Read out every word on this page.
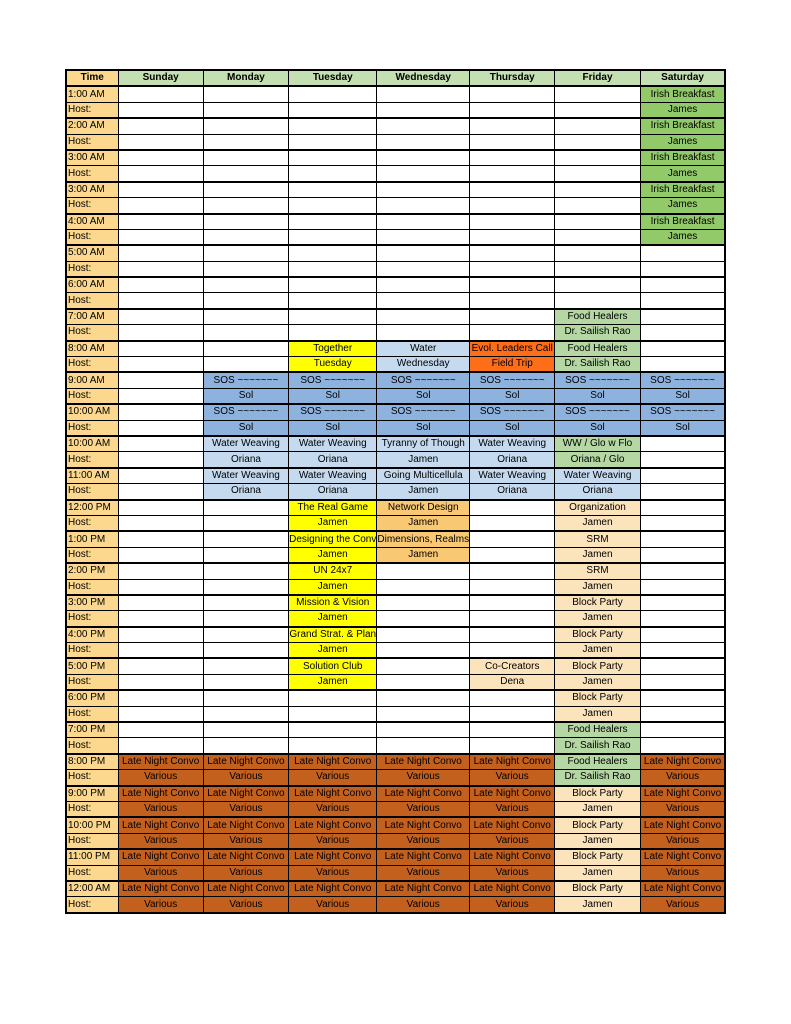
Time	Sunday	Monday	Tuesday	Wednesday	Thursday	Friday	Saturday
1:00 AM							Irish Breakfast
Host:							James
2:00 AM							Irish Breakfast
Host:							James
3:00 AM							Irish Breakfast
Host:							James
3:00 AM							Irish Breakfast
Host:							James
4:00 AM							Irish Breakfast
Host:							James
5:00 AM							
Host:							
6:00 AM							
Host:							
7:00 AM						Food Healers	
Host:						Dr. Sailish Rao	
8:00 AM			Together	Water	Evol. Leaders Call	Food Healers	
Host:			Tuesday	Wednesday	Field Trip	Dr. Sailish Rao	
9:00 AM		SOS ~~~~~~~	SOS ~~~~~~~	SOS ~~~~~~~	SOS ~~~~~~~	SOS ~~~~~~~	SOS ~~~~~~~
Host:		Sol	Sol	Sol	Sol	Sol	Sol
10:00 AM		SOS ~~~~~~~	SOS ~~~~~~~	SOS ~~~~~~~	SOS ~~~~~~~	SOS ~~~~~~~	SOS ~~~~~~~
Host:		Sol	Sol	Sol	Sol	Sol	Sol
10:00 AM		Water Weaving	Water Weaving	Tyranny of Though	Water Weaving	WW / Glo w Flo	
Host:		Oriana	Oriana	Jamen	Oriana	Oriana / Glo	
11:00 AM		Water Weaving	Water Weaving	Going Multicellula	Water Weaving	Water Weaving	
Host:		Oriana	Oriana	Jamen	Oriana	Oriana	
12:00 PM			The Real Game	Network Design		Organization	
Host:			Jamen	Jamen		Jamen	
1:00 PM			Designing the Conv	Dimensions, Realms		SRM	
Host:			Jamen	Jamen		Jamen	
2:00 PM			UN 24x7			SRM	
Host:			Jamen			Jamen	
3:00 PM			Mission & Vision			Block Party	
Host:			Jamen			Jamen	
4:00 PM			Grand Strat. & Plan			Block Party	
Host:			Jamen			Jamen	
5:00 PM			Solution Club		Co-Creators	Block Party	
Host:			Jamen		Dena	Jamen	
6:00 PM						Block Party	
Host:						Jamen	
7:00 PM						Food Healers	
Host:						Dr. Sailish Rao	
8:00 PM	Late Night Convo	Late Night Convo	Late Night Convo	Late Night Convo	Late Night Convo	Food Healers	Late Night Convo
Host:	Various	Various	Various	Various	Various	Dr. Sailish Rao	Various
9:00 PM	Late Night Convo	Late Night Convo	Late Night Convo	Late Night Convo	Late Night Convo	Block Party	Late Night Convo
Host:	Various	Various	Various	Various	Various	Jamen	Various
10:00 PM	Late Night Convo	Late Night Convo	Late Night Convo	Late Night Convo	Late Night Convo	Block Party	Late Night Convo
Host:	Various	Various	Various	Various	Various	Jamen	Various
11:00 PM	Late Night Convo	Late Night Convo	Late Night Convo	Late Night Convo	Late Night Convo	Block Party	Late Night Convo
Host:	Various	Various	Various	Various	Various	Jamen	Various
12:00 AM	Late Night Convo	Late Night Convo	Late Night Convo	Late Night Convo	Late Night Convo	Block Party	Late Night Convo
Host:	Various	Various	Various	Various	Various	Jamen	Various
